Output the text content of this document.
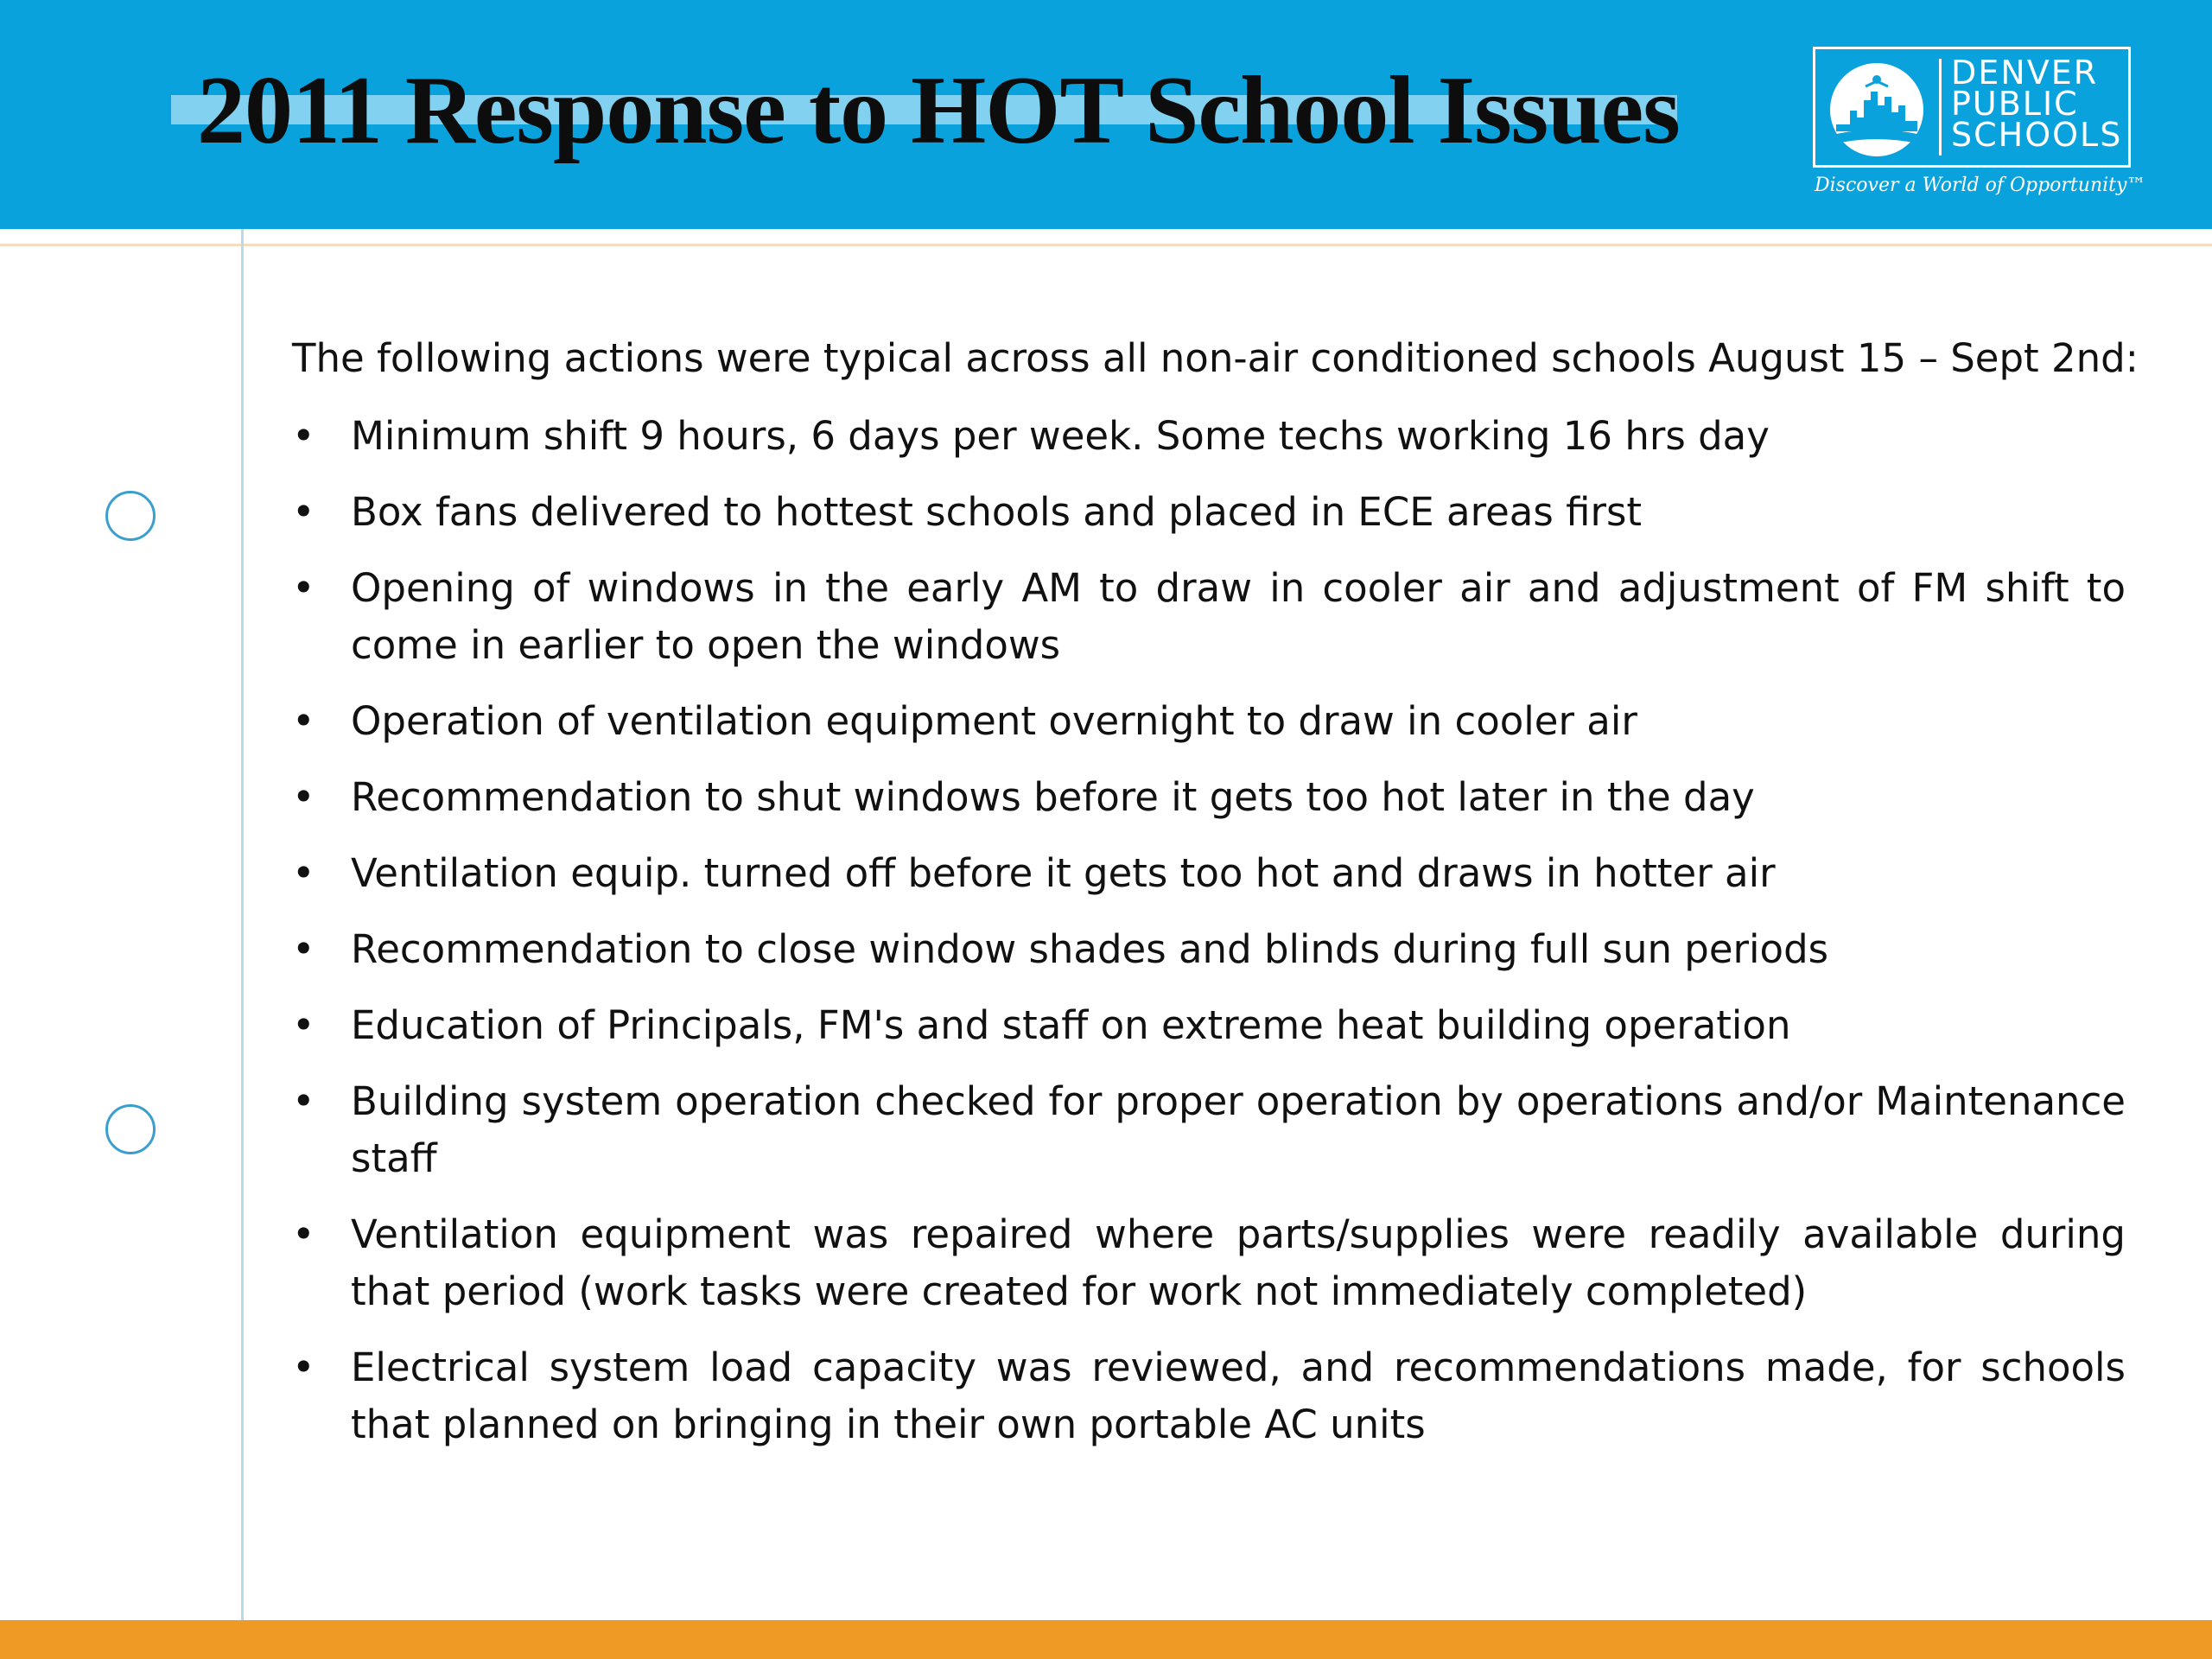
2011 Response to HOT School Issues	DENVER
PUBLIC
SCHOOLS
Discover a World of Opportunity™

The following actions were typical across all non-air conditioned schools August 15 – Sept 2nd:

• Minimum shift 9 hours, 6 days per week. Some techs working 16 hrs day
• Box fans delivered to hottest schools and placed in ECE areas first
• Opening of windows in the early AM to draw in cooler air and adjustment of FM shift to come in earlier to open the windows
• Operation of ventilation equipment overnight to draw in cooler air
• Recommendation to shut windows before it gets too hot later in the day
• Ventilation equip. turned off before it gets too hot and draws in hotter air
• Recommendation to close window shades and blinds during full sun periods
• Education of Principals, FM's and staff on extreme heat building operation
• Building system operation checked for proper operation by operations and/or Maintenance staff
• Ventilation equipment was repaired where parts/supplies were readily available during that period (work tasks were created for work not immediately completed)
• Electrical system load capacity was reviewed, and recommendations made, for schools that planned on bringing in their own portable AC units
